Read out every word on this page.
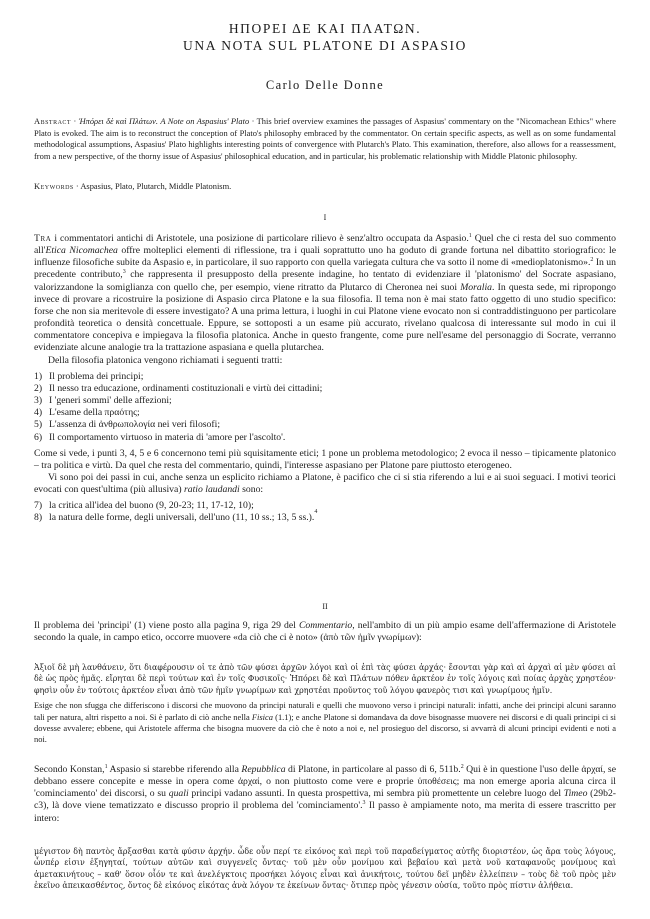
ΗΠΟΡΕΙ ΔΕ ΚΑΙ ΠΛΑΤΩΝ.
UNA NOTA SUL PLATONE DI ASPASIO
Carlo Delle Donne
Abstract · Ἠπόρει δὲ καὶ Πλάτων. A Note on Aspasius' Plato · This brief overview examines the passages of Aspasius' commentary on the "Nicomachean Ethics" where Plato is evoked. The aim is to reconstruct the conception of Plato's philosophy embraced by the commentator. On certain specific aspects, as well as on some fundamental methodological assumptions, Aspasius' Plato highlights interesting points of convergence with Plutarch's Plato. This examination, therefore, also allows for a reassessment, from a new perspective, of the thorny issue of Aspasius' philosophical education, and in particular, his problematic relationship with Middle Platonic philosophy.
Keywords · Aspasius, Plato, Plutarch, Middle Platonism.
I

Tra i commentatori antichi di Aristotele, una posizione di particolare rilievo è senz'altro occupata da Aspasio.$^1$ Quel che ci resta del suo commento all'Etica Nicomachea offre molteplici elementi di riflessione, tra i quali soprattutto uno ha goduto di grande fortuna nel dibattito storiografico: le influenze filosofiche subite da Aspasio e, in particolare, il suo rapporto con quella variegata cultura che va sotto il nome di «medioplatonismo».$^2$ In un precedente contributo,$^3$ che rappresenta il presupposto della presente indagine, ho tentato di evidenziare il 'platonismo' del Socrate aspasiano, valorizzandone la somiglianza con quello che, per esempio, viene ritratto da Plutarco di Cheronea nei suoi Moralia. In questa sede, mi ripropongo invece di provare a ricostruire la posizione di Aspasio circa Platone e la sua filosofia. Il tema non è mai stato fatto oggetto di uno studio specifico: forse che non sia meritevole di essere investigato? A una prima lettura, i luoghi in cui Platone viene evocato non si contraddistinguono per particolare profondità teoretica o densità concettuale. Eppure, se sottoposti a un esame più accurato, rivelano qualcosa di interessante sul modo in cui il commentatore concepiva e impiegava la filosofia platonica. Anche in questo frangente, come pure nell'esame del personaggio di Socrate, verranno evidenziate alcune analogie tra la trattazione aspasiana e quella plutarchea.

Della filosofia platonica vengono richiamati i seguenti tratti:

1) Il problema dei principi;
2) Il nesso tra educazione, ordinamenti costituzionali e virtù dei cittadini;
3) I 'generi sommi' delle affezioni;
4) L'esame della πραότης;
5) L'assenza di ἀνθρωπολογία nei veri filosofi;
6) Il comportamento virtuoso in materia di 'amore per l'ascolto'.

Come si vede, i punti 3, 4, 5 e 6 concernono temi più squisitamente etici; 1 pone un problema metodologico; 2 evoca il nesso – tipicamente platonico – tra politica e virtù. Da quel che resta del commentario, quindi, l'interesse aspasiano per Platone pare piuttosto eterogeneo.

Vi sono poi dei passi in cui, anche senza un esplicito richiamo a Platone, è pacifico che ci si stia riferendo a lui e ai suoi seguaci. I motivi teorici evocati con quest'ultima (più allusiva) ratio laudandi sono:

7) la critica all'idea del buono (9, 20-23; 11, 17-12, 10);
8) la natura delle forme, degli universali, dell'uno (11, 10 ss.; 13, 5 ss.). 4
II

Il problema dei 'principi' (1) viene posto alla pagina 9, riga 29 del Commentario, nell'ambito di un più ampio esame dell'affermazione di Aristotele secondo la quale, in campo etico, occorre muovere «da ciò che ci è noto» (ἀπὸ τῶν ἡμῖν γνωρίμων):

Ἀξιοῖ δὲ μὴ λανθάνειν, ὅτι διαφέρουσιν οἱ τε ἀπὸ τῶν φύσει ἀρχῶν λόγοι καὶ οἱ ἐπὶ τὰς φύσει ἀρχάς· ἔσονται γὰρ καὶ αἱ ἀρχαὶ αἱ μὲν φύσει αἱ δὲ ὡς πρὸς ἡμᾶς. εἴρηται δὲ περὶ τούτων καὶ ἐν τοῖς Φυσικοῖς· Ἠπόρει δὲ καὶ Πλάτων πόθεν ἀρκτέον ἐν τοῖς λόγοις καὶ ποίας ἀρχὰς χρηστέον· φησὶν οὖν ἐν τούτοις ἀρκτέον εἶναι ἀπὸ τῶν ἡμῖν γνωρίμων καὶ χρηστέαι προῦντος τοῦ λόγου φανερὸς τισι καὶ γνωρίμους ἡμῖν.

Esige che non sfugga che differiscono i discorsi che muovono da principi naturali e quelli che muovono verso i principi naturali: infatti, anche dei principi alcuni saranno tali per natura, altri rispetto a noi. Si è parlato di ciò anche nella Fisica (1.1); e anche Platone si domandava da dove bisognasse muovere nei discorsi e di quali principi ci si dovesse avvalere; ebbene, qui Aristotele afferma che bisogna muovere da ciò che è noto a noi e, nel prosieguo del discorso, si avvarrà di alcuni principi evidenti e noti a noi.

Secondo Konstan,$^1$ Aspasio si starebbe riferendo alla Repubblica di Platone, in particolare al passo di 6, 511b.$^2$ Qui è in questione l'uso delle ἀρχαί, se debbano essere concepite e messe in opera come ἀρχαί, o non piuttosto come vere e proprie ὑποθέσεις; ma non emerge aporia alcuna circa il 'cominciamento' dei discorsi, o su quali principi vadano assunti. In questa prospettiva, mi sembra più promettente un celebre luogo del Timeo (29b2-c3), là dove viene tematizzato e discusso proprio il problema del 'cominciamento'.$^3$ Il passo è ampiamente noto, ma merita di essere trascritto per intero:

μέγιστον δὴ παντὸς ἄρξασθαι κατὰ φύσιν ἀρχήν. ὧδε οὖν περί τε εἰκόνος καὶ περὶ τοῦ παραδείγματος αὐτῆς διοριστέον, ὡς ἄρα τοὺς λόγους, ὧνπέρ εἰσιν ἐξηγηταί, τούτων αὐτῶν καὶ συγγενεῖς ὄντας· τοῦ μὲν οὖν μονίμου καὶ βεβαίου καὶ μετὰ νοῦ καταφανοῦς μονίμους καὶ ἀμετακινήτους – καθ' ὅσον οἷόν τε καὶ ἀνελέγκτοις προσήκει λόγοις εἶναι καὶ ἀνικήτοις, τούτου δεῖ μηδὲν ἐλλείπειν – τοὺς δὲ τοῦ πρὸς μὲν ἐκεῖνο ἀπεικασθέντος, ὄντος δὲ εἰκόνος εἰκότας ἀνὰ λόγον τε ἐκείνων ὄντας· ὅτιπερ πρὸς γένεσιν οὐσία, τοῦτο πρὸς πίστιν ἀλήθεια.
